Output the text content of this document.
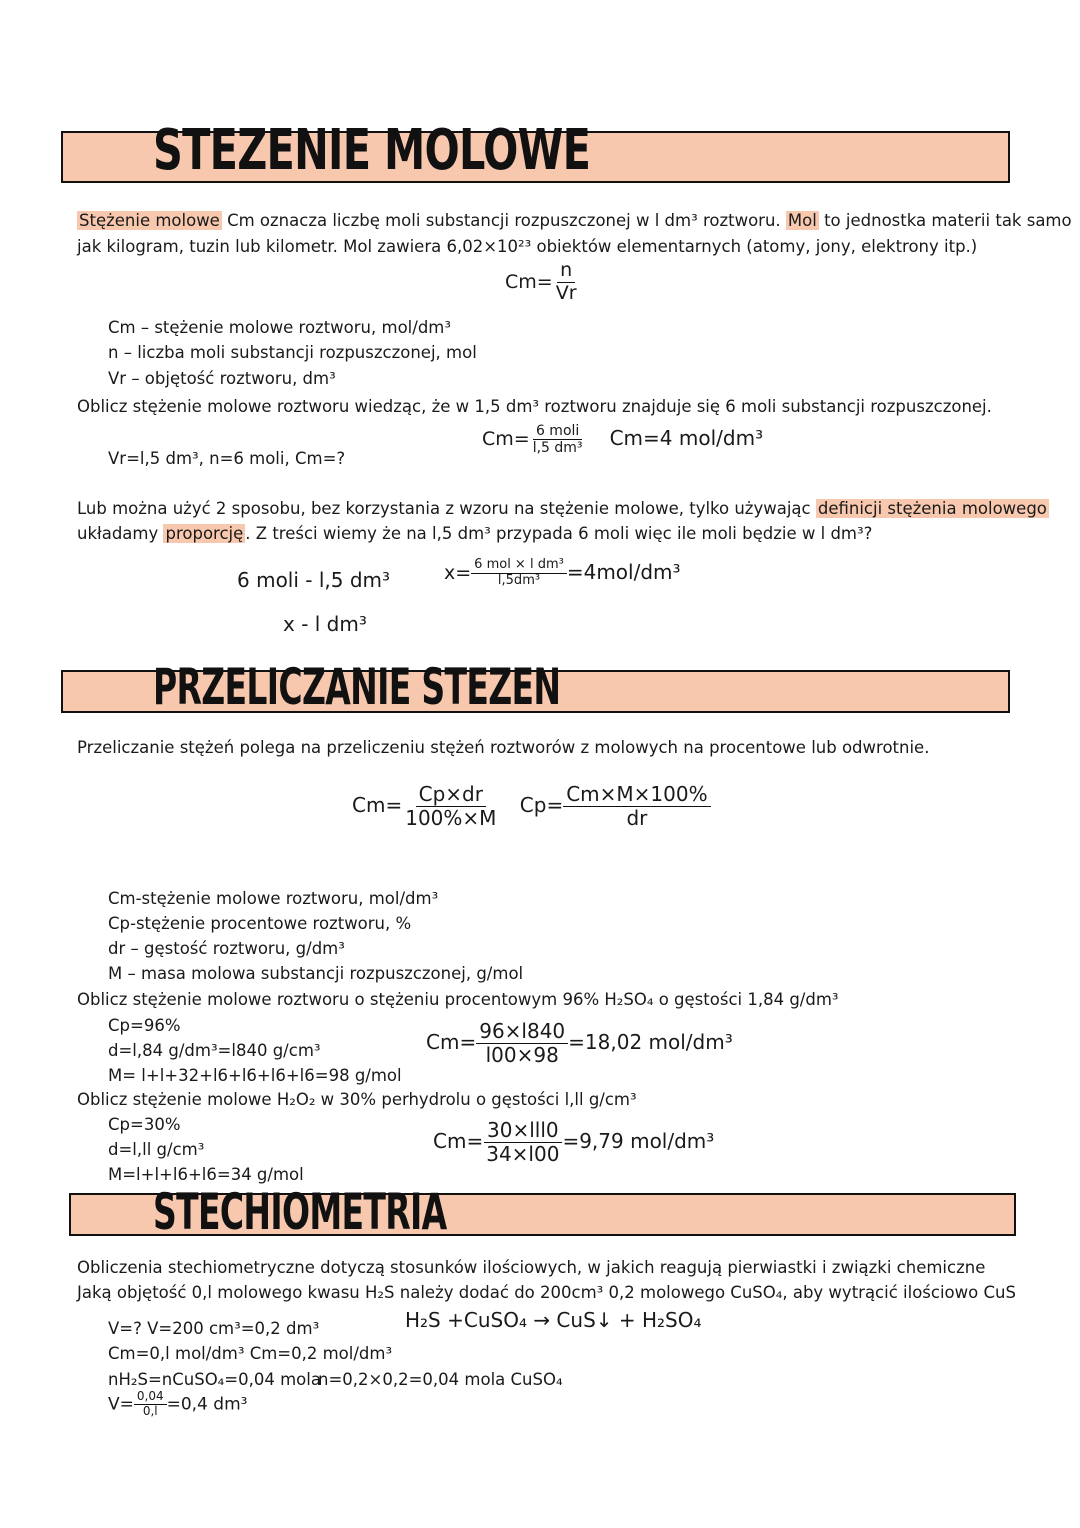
STEZENIE MOLOWE
Stężenie molowe Cm oznacza liczbę moli substancji rozpuszczonej w l dm³ roztworu. Mol to jednostka materii tak samo
jak kilogram, tuzin lub kilometr. Mol zawiera 6,02×10²³ obiektów elementarnych (atomy, jony, elektrony itp.)
$Cm= \frac{n}{Vr}$
Cm – stężenie molowe roztworu, mol/dm³
n – liczba moli substancji rozpuszczonej, mol
Vr – objętość roztworu, dm³
Oblicz stężenie molowe roztworu wiedząc, że w 1,5 dm³ roztworu znajduje się 6 moli substancji rozpuszczonej.
Vr=l,5 dm³, n=6 moli, Cm=?
$Cm= \frac{\text{6 moli}}{\text{l,5 dm³}} Cm=4$ mol/dm³
Lub można użyć 2 sposobu, bez korzystania z wzoru na stężenie molowe, tylko używając definicji stężenia molowego
układamy proporcję . Z treści wiemy że na l,5 dm³ przypada 6 moli więc ile moli będzie w l dm³?
6 moli - l,5 dm³
x - l dm³
$x= \frac{\text{6 mol × l dm³}}{\text{l,5dm³}} =4mol/dm^3$
PRZELICZANIE STEZEN
Przeliczanie stężeń polega na przeliczeniu stężeń roztworów z molowych na procentowe lub odwrotnie.
$Cm= \frac{Cp\times dr}{100\%\times M} Cp= \frac{Cm\times M\times 100\%}{dr}$
Cm-stężenie molowe roztworu, mol/dm³
Cp-stężenie procentowe roztworu, %
dr – gęstość roztworu, g/dm³
M – masa molowa substancji rozpuszczonej, g/mol
Oblicz stężenie molowe roztworu o stężeniu procentowym 96% H₂SO₄ o gęstości 1,84 g/dm³
Cp=96%
d=l,84 g/dm³=l840 g/cm³
M= l+l+32+l6+l6+l6+l6=98 g/mol
$Cm= \frac{96\times l840}{l00\times 98} =18,02$ mol/dm³
Oblicz stężenie molowe H₂O₂ w 30% perhydrolu o gęstości l,ll g/cm³
Cp=30%
d=l,ll g/cm³
M=l+l+l6+l6=34 g/mol
$Cm= \frac{\text{30×lll0}}{34\times l00} =9,79$ mol/dm³
STECHIOMETRIA
Obliczenia stechiometryczne dotyczą stosunków ilościowych, w jakich reagują pierwiastki i związki chemiczne
Jaką objętość 0,l molowego kwasu H₂S należy dodać do 200cm³ 0,2 molowego CuSO₄, aby wytrącić ilościowo CuS
V=? V=200 cm³=0,2 dm³	H₂S +CuSO₄ → CuS↓ + H₂SO₄
Cm=0,l mol/dm³ Cm=0,2 mol/dm³
nH₂S=nCuSO₄=0,04 mola
n=0,2×0,2=0,04 mola CuSO₄
$V= \frac{0,04}{0,l} =0,4$ dm³
